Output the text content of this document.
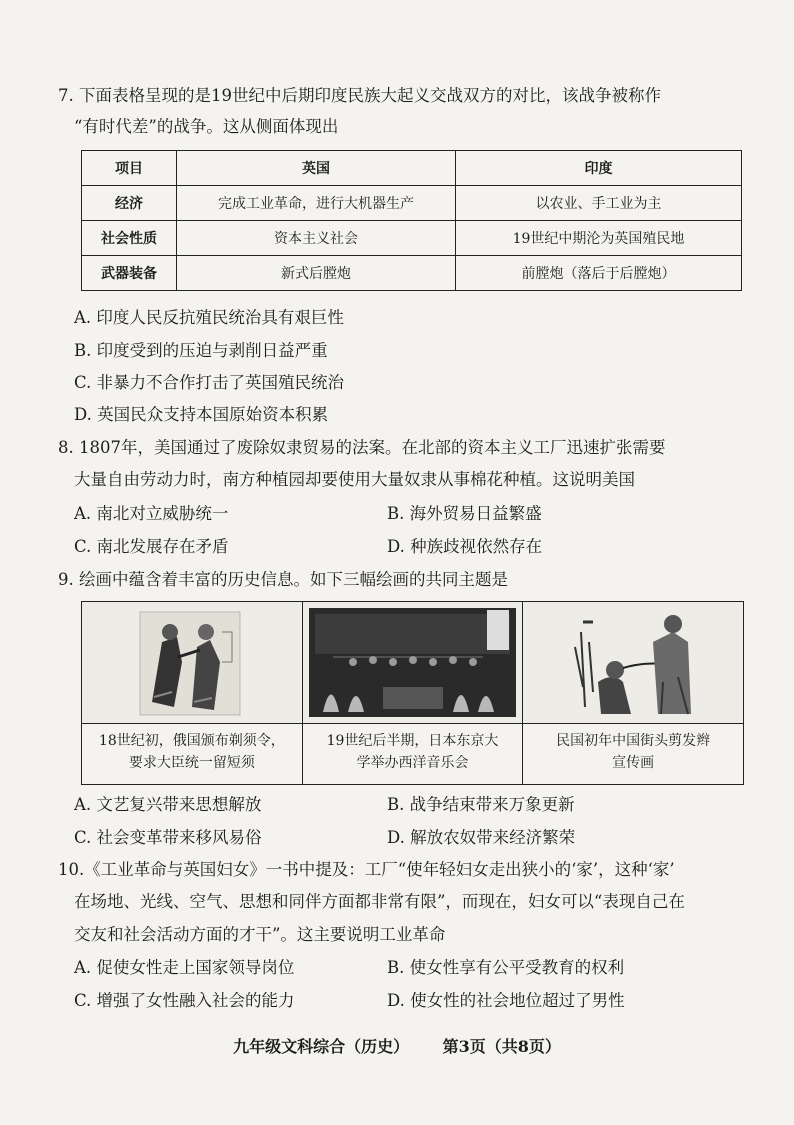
7. 下面表格呈现的是19世纪中后期印度民族大起义交战双方的对比，该战争被称作
“有时代差”的战争。这从侧面体现出
项目	英国	印度
经济	完成工业革命，进行大机器生产	以农业、手工业为主
社会性质	资本主义社会	19世纪中期沦为英国殖民地
武器装备	新式后膛炮	前膛炮（落后于后膛炮）
A. 印度人民反抗殖民统治具有艰巨性
B. 印度受到的压迫与剥削日益严重
C. 非暴力不合作打击了英国殖民统治
D. 英国民众支持本国原始资本积累
8. 1807年，美国通过了废除奴隶贸易的法案。在北部的资本主义工厂迅速扩张需要
大量自由劳动力时，南方种植园却要使用大量奴隶从事棉花种植。这说明美国
A. 南北对立威胁统一	B. 海外贸易日益繁盛
C. 南北发展存在矛盾	D. 种族歧视依然存在
9. 绘画中蕴含着丰富的历史信息。如下三幅绘画的共同主题是
18世纪初，俄国颁布剃须令，
要求大臣统一留短须
19世纪后半期，日本东京大
学举办西洋音乐会
民国初年中国街头剪发辫
宣传画
A. 文艺复兴带来思想解放	B. 战争结束带来万象更新
C. 社会变革带来移风易俗	D. 解放农奴带来经济繁荣
10.《工业革命与英国妇女》一书中提及：工厂“使年轻妇女走出狭小的‘家’，这种‘家’
在场地、光线、空气、思想和同伴方面都非常有限”，而现在，妇女可以“表现自己在
交友和社会活动方面的才干”。这主要说明工业革命
A. 促使女性走上国家领导岗位	B. 使女性享有公平受教育的权利
C. 增强了女性融入社会的能力	D. 使女性的社会地位超过了男性
九年级文科综合（历史） 第3页（共8页）
